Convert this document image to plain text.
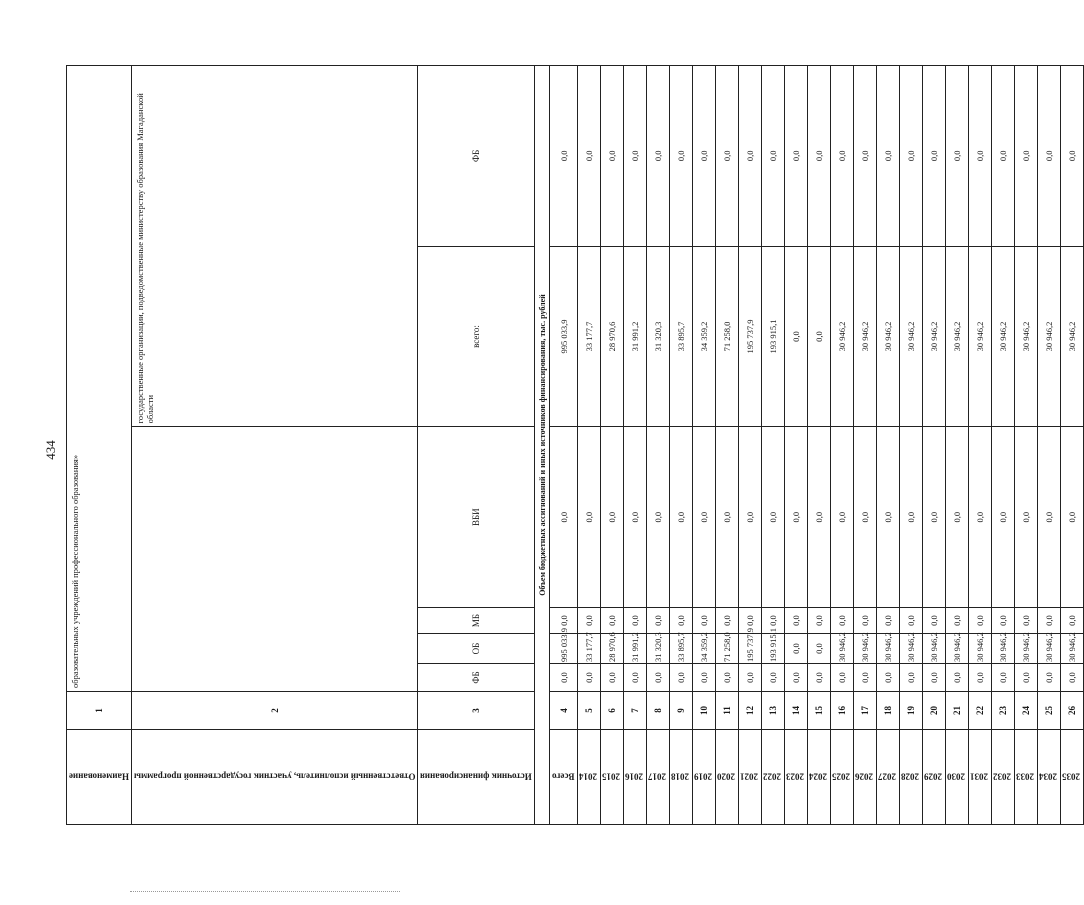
434
Наименование	1	образовательных учреждений профессионального образования»					
Ответственный исполнитель, участник государственной программы	2					государственные организации, подведомственные министерству образования Магаданской области	
Источник финансирования	3	ФБ	ОБ	МБ	ВБИ	всего:	ФБ
Объем бюджетных ассигнований и иных источников финансирования, тыс. рублей							
Всего	4	0,0	995 033,9	0,0	0,0	995 033,9	0,0
2014	5	0,0	33 177,7	0,0	0,0	33 177,7	0,0
2015	6	0,0	28 970,6	0,0	0,0	28 970,6	0,0
2016	7	0,0	31 991,2	0,0	0,0	31 991,2	0,0
2017	8	0,0	31 320,3	0,0	0,0	31 320,3	0,0
2018	9	0,0	33 895,7	0,0	0,0	33 895,7	0,0
2019	10	0,0	34 359,2	0,0	0,0	34 359,2	0,0
2020	11	0,0	71 258,0	0,0	0,0	71 258,0	0,0
2021	12	0,0	195 737,9	0,0	0,0	195 737,9	0,0
2022	13	0,0	193 915,1	0,0	0,0	193 915,1	0,0
2023	14	0,0	0,0	0,0	0,0	0,0	0,0
2024	15	0,0	0,0	0,0	0,0	0,0	0,0
2025	16	0,0	30 946,2	0,0	0,0	30 946,2	0,0
2026	17	0,0	30 946,2	0,0	0,0	30 946,2	0,0
2027	18	0,0	30 946,2	0,0	0,0	30 946,2	0,0
2028	19	0,0	30 946,2	0,0	0,0	30 946,2	0,0
2029	20	0,0	30 946,2	0,0	0,0	30 946,2	0,0
2030	21	0,0	30 946,2	0,0	0,0	30 946,2	0,0
2031	22	0,0	30 946,2	0,0	0,0	30 946,2	0,0
2032	23	0,0	30 946,2	0,0	0,0	30 946,2	0,0
2033	24	0,0	30 946,2	0,0	0,0	30 946,2	0,0
2034	25	0,0	30 946,2	0,0	0,0	30 946,2	0,0
2035	26	0,0	30 946,2	0,0	0,0	30 946,2	0,0
